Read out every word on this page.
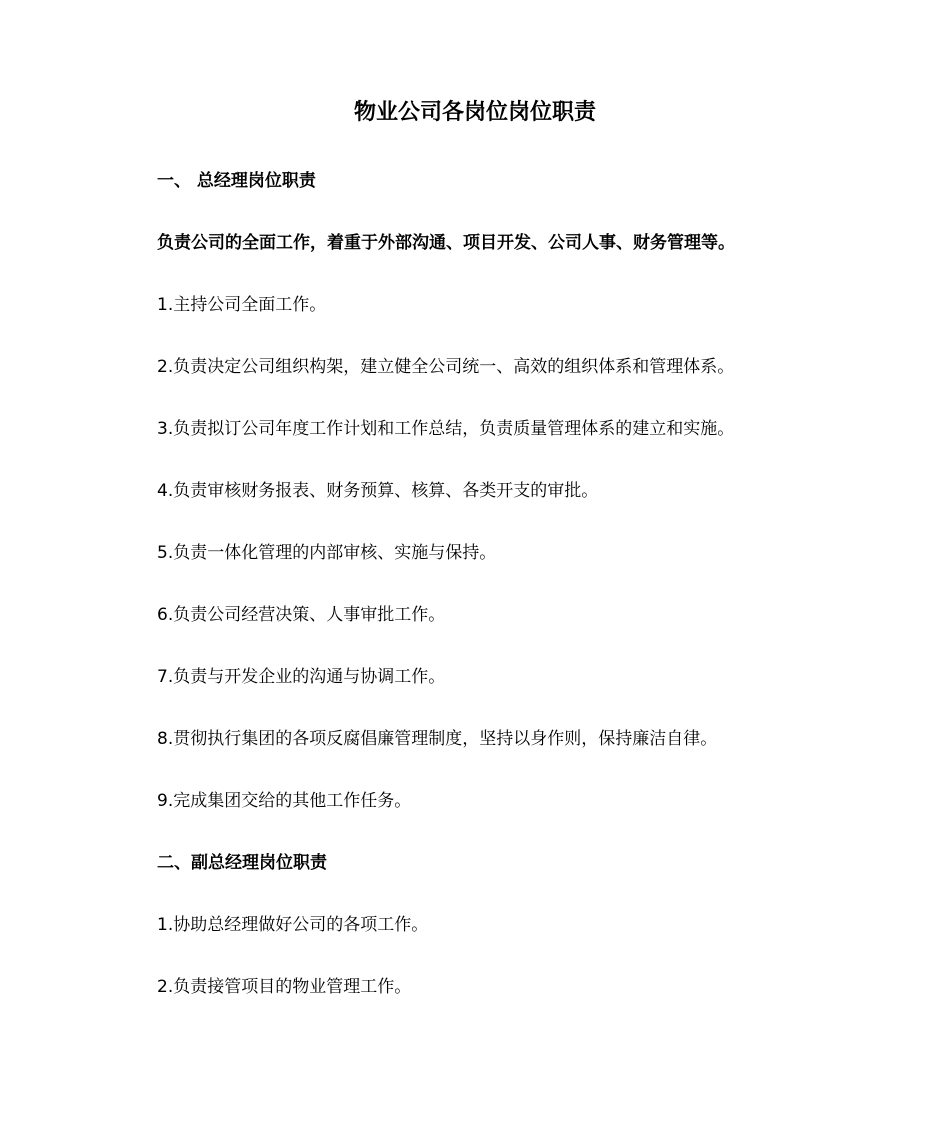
物业公司各岗位岗位职责

一、 总经理岗位职责

负责公司的全面工作，着重于外部沟通、项目开发、公司人事、财务管理等。

1.主持公司全面工作。

2.负责决定公司组织构架，建立健全公司统一、高效的组织体系和管理体系。

3.负责拟订公司年度工作计划和工作总结，负责质量管理体系的建立和实施。

4.负责审核财务报表、财务预算、核算、各类开支的审批。

5.负责一体化管理的内部审核、实施与保持。

6.负责公司经营决策、人事审批工作。

7.负责与开发企业的沟通与协调工作。

8.贯彻执行集团的各项反腐倡廉管理制度，坚持以身作则，保持廉洁自律。

9.完成集团交给的其他工作任务。

二、副总经理岗位职责

1.协助总经理做好公司的各项工作。

2.负责接管项目的物业管理工作。
